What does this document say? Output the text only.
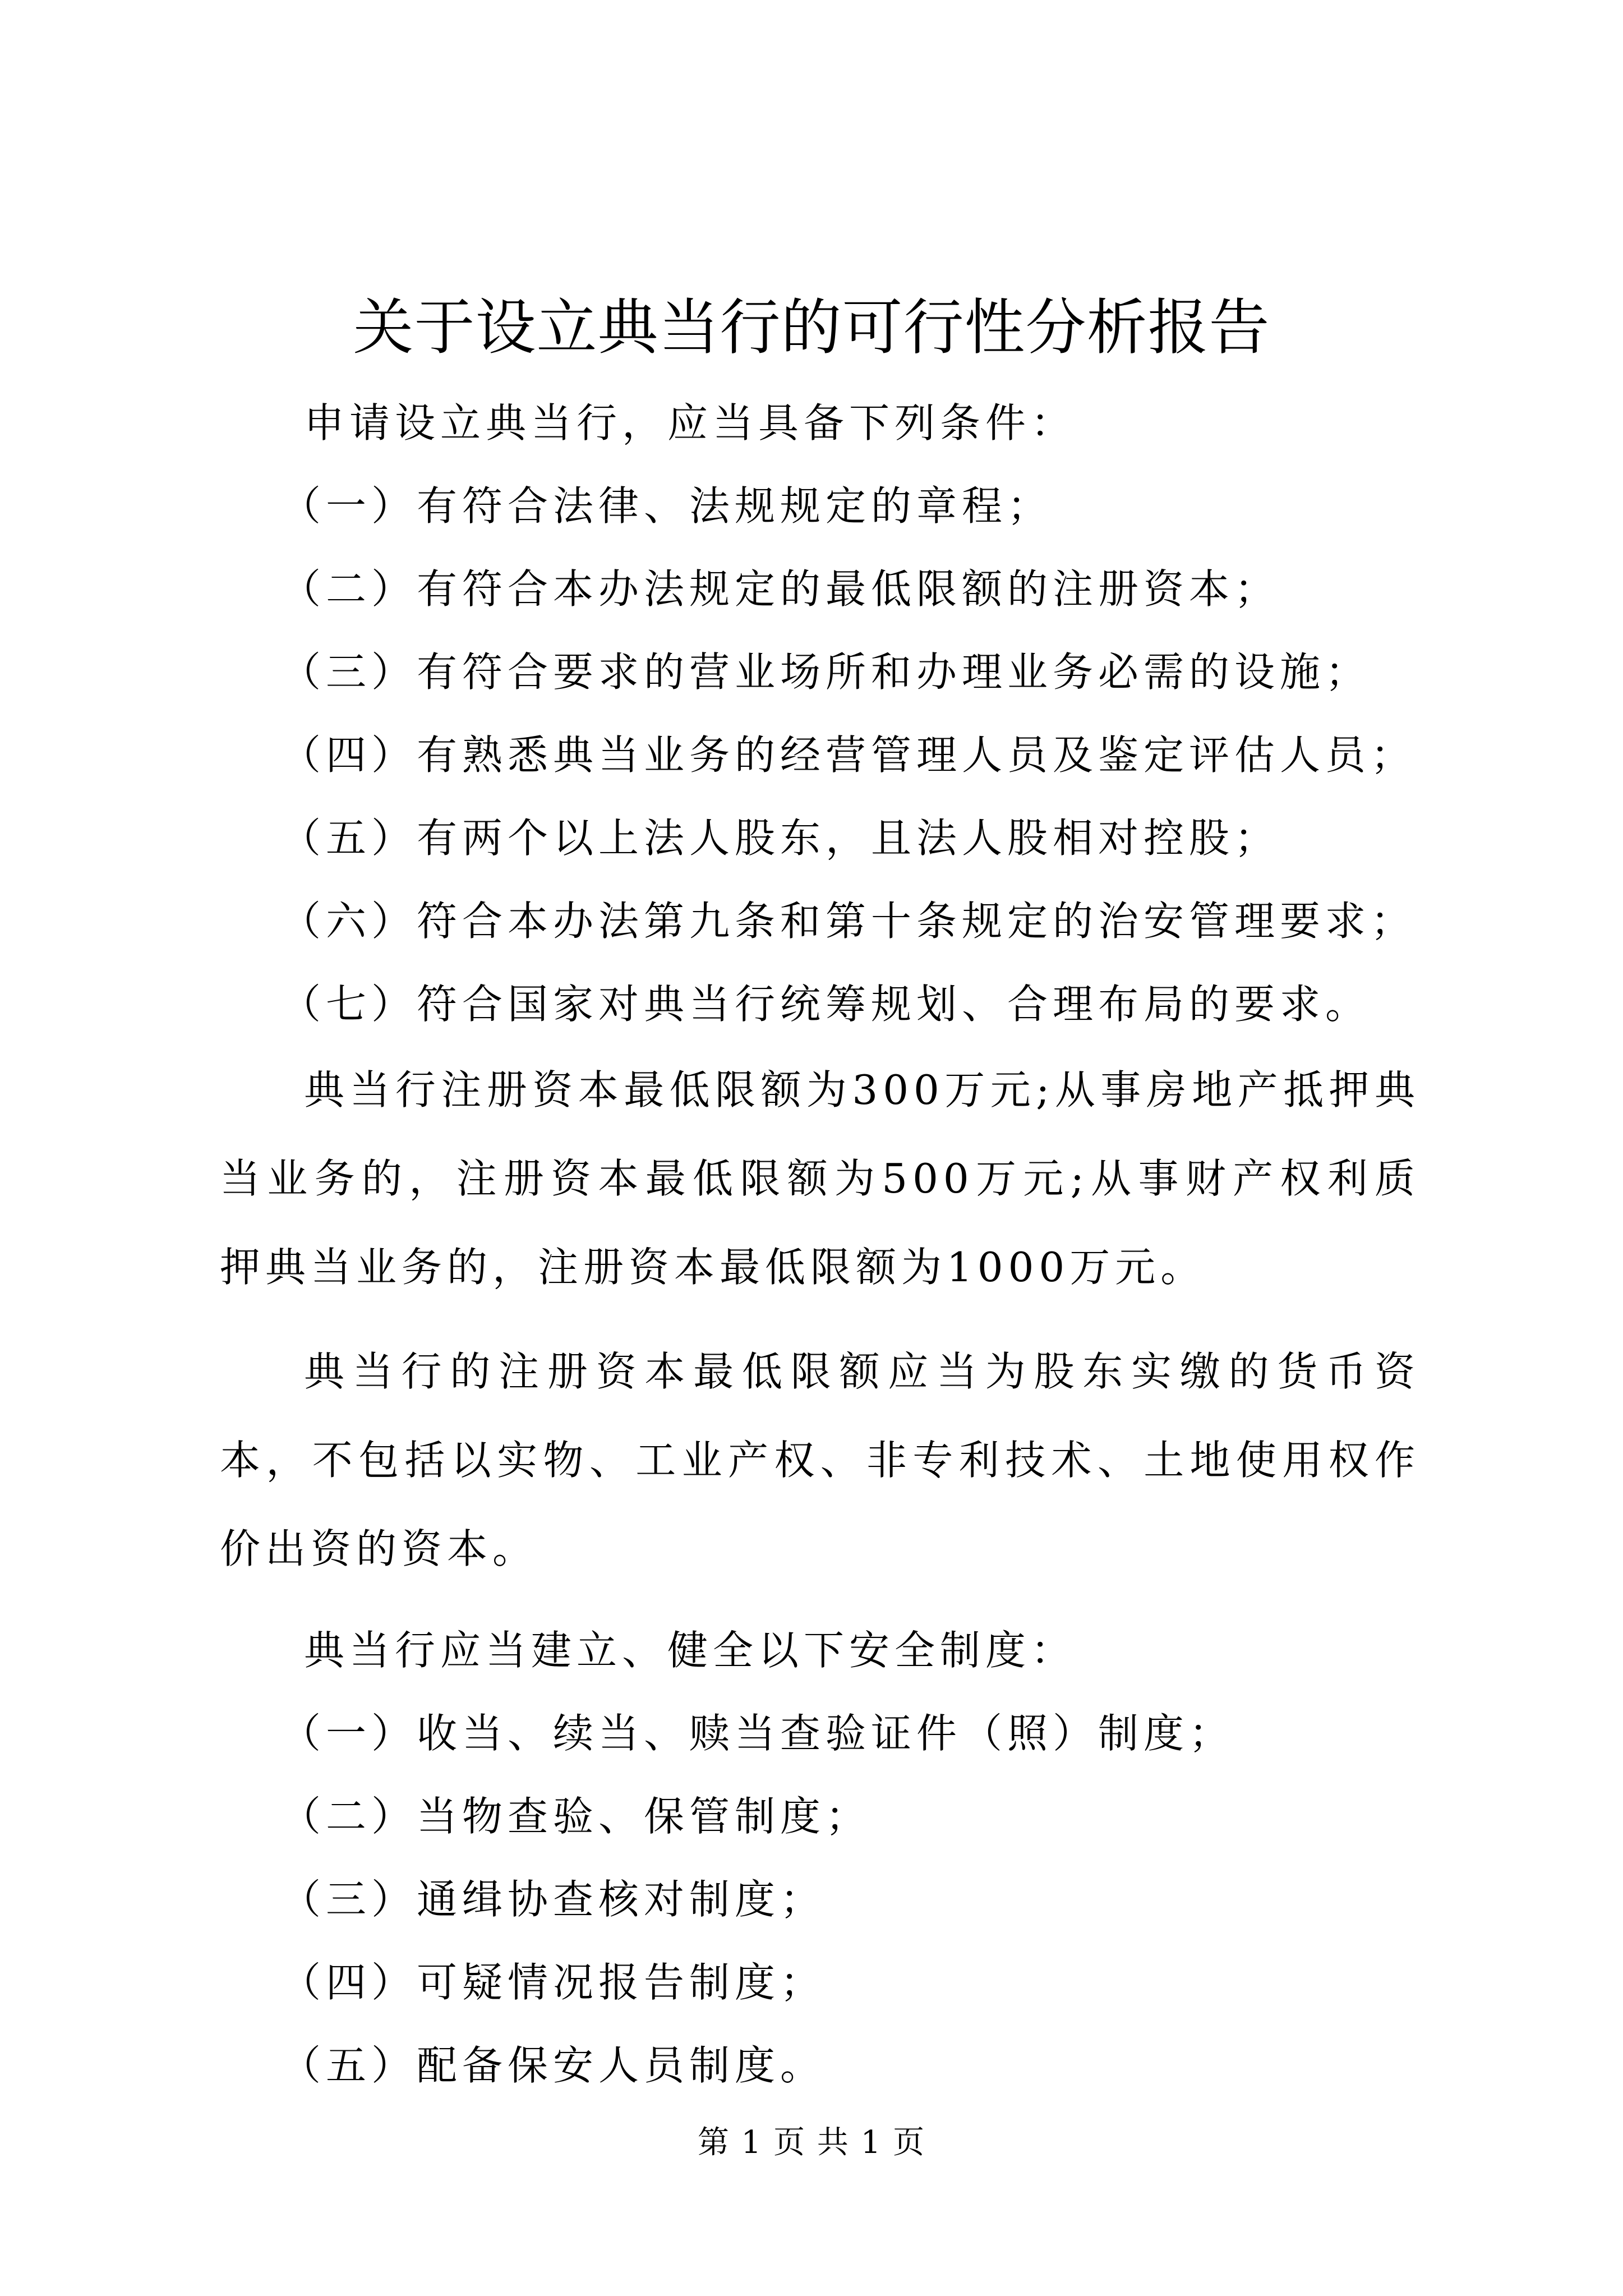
关于设立典当行的可行性分析报告

申请设立典当行，应当具备下列条件：

（一）有符合法律、法规规定的章程；

（二）有符合本办法规定的最低限额的注册资本；

（三）有符合要求的营业场所和办理业务必需的设施；

（四）有熟悉典当业务的经营管理人员及鉴定评估人员；

（五）有两个以上法人股东，且法人股相对控股；

（六）符合本办法第九条和第十条规定的治安管理要求；

（七）符合国家对典当行统筹规划、合理布局的要求。

典当行注册资本最低限额为300万元;从事房地产抵押典当业务的，注册资本最低限额为500万元;从事财产权利质押典当业务的，注册资本最低限额为1000万元。

典当行的注册资本最低限额应当为股东实缴的货币资本，不包括以实物、工业产权、非专利技术、土地使用权作价出资的资本。

典当行应当建立、健全以下安全制度：

（一）收当、续当、赎当查验证件（照）制度；

（二）当物查验、保管制度；

（三）通缉协查核对制度；

（四）可疑情况报告制度；

（五）配备保安人员制度。

第 1 页 共 1 页
